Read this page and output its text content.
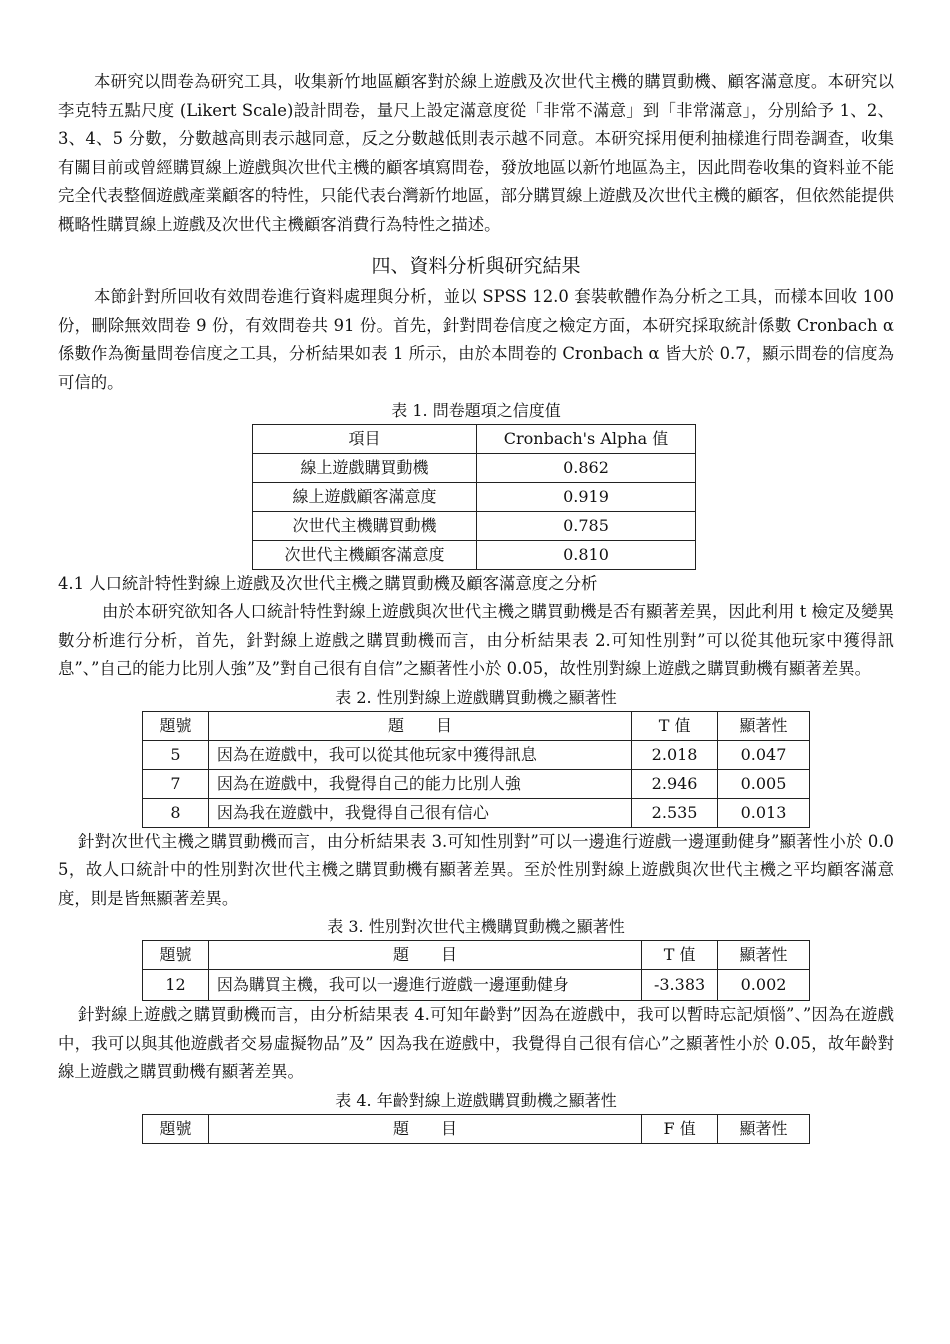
本研究以問卷為研究工具，收集新竹地區顧客對於線上遊戲及次世代主機的購買動機、顧客滿意度。本研究以李克特五點尺度 (Likert Scale)設計問卷，量尺上設定滿意度從「非常不滿意」到「非常滿意」，分別給予 1、2、3、4、5 分數，分數越高則表示越同意，反之分數越低則表示越不同意。本研究採用便利抽樣進行問卷調查，收集有關目前或曾經購買線上遊戲與次世代主機的顧客填寫問卷，發放地區以新竹地區為主，因此問卷收集的資料並不能完全代表整個遊戲產業顧客的特性，只能代表台灣新竹地區，部分購買線上遊戲及次世代主機的顧客，但依然能提供概略性購買線上遊戲及次世代主機顧客消費行為特性之描述。

四、資料分析與研究結果

本節針對所回收有效問卷進行資料處理與分析，並以 SPSS 12.0 套裝軟體作為分析之工具，而樣本回收 100 份，刪除無效問卷 9 份，有效問卷共 91 份。首先，針對問卷信度之檢定方面，本研究採取統計係數 Cronbach α 係數作為衡量問卷信度之工具，分析結果如表 1 所示，由於本問卷的 Cronbach α 皆大於 0.7，顯示問卷的信度為可信的。

表 1. 問卷題項之信度值

項目	Cronbach's Alpha 值
線上遊戲購買動機	0.862
線上遊戲顧客滿意度	0.919
次世代主機購買動機	0.785
次世代主機顧客滿意度	0.810
4.1 人口統計特性對線上遊戲及次世代主機之購買動機及顧客滿意度之分析

由於本研究欲知各人口統計特性對線上遊戲與次世代主機之購買動機是否有顯著差異，因此利用 t 檢定及變異數分析進行分析，首先，針對線上遊戲之購買動機而言，由分析結果表 2.可知性別對”可以從其他玩家中獲得訊息”、”自己的能力比別人強”及”對自己很有自信”之顯著性小於 0.05，故性別對線上遊戲之購買動機有顯著差異。

表 2. 性別對線上遊戲購買動機之顯著性

題號	題　　目	T 值	顯著性
5	因為在遊戲中，我可以從其他玩家中獲得訊息	2.018	0.047
7	因為在遊戲中，我覺得自己的能力比別人強	2.946	0.005
8	因為我在遊戲中，我覺得自己很有信心	2.535	0.013

針對次世代主機之購買動機而言，由分析結果表 3.可知性別對”可以一邊進行遊戲一邊運動健身”顯著性小於 0.05，故人口統計中的性別對次世代主機之購買動機有顯著差異。至於性別對線上遊戲與次世代主機之平均顧客滿意度，則是皆無顯著差異。

表 3. 性別對次世代主機購買動機之顯著性

題號	題　　目	T 值	顯著性
12	因為購買主機，我可以一邊進行遊戲一邊運動健身	-3.383	0.002

針對線上遊戲之購買動機而言，由分析結果表 4.可知年齡對”因為在遊戲中，我可以暫時忘記煩惱”、”因為在遊戲中，我可以與其他遊戲者交易虛擬物品”及” 因為我在遊戲中，我覺得自己很有信心”之顯著性小於 0.05，故年齡對線上遊戲之購買動機有顯著差異。

表 4. 年齡對線上遊戲購買動機之顯著性

題號	題　　目	F 值	顯著性
